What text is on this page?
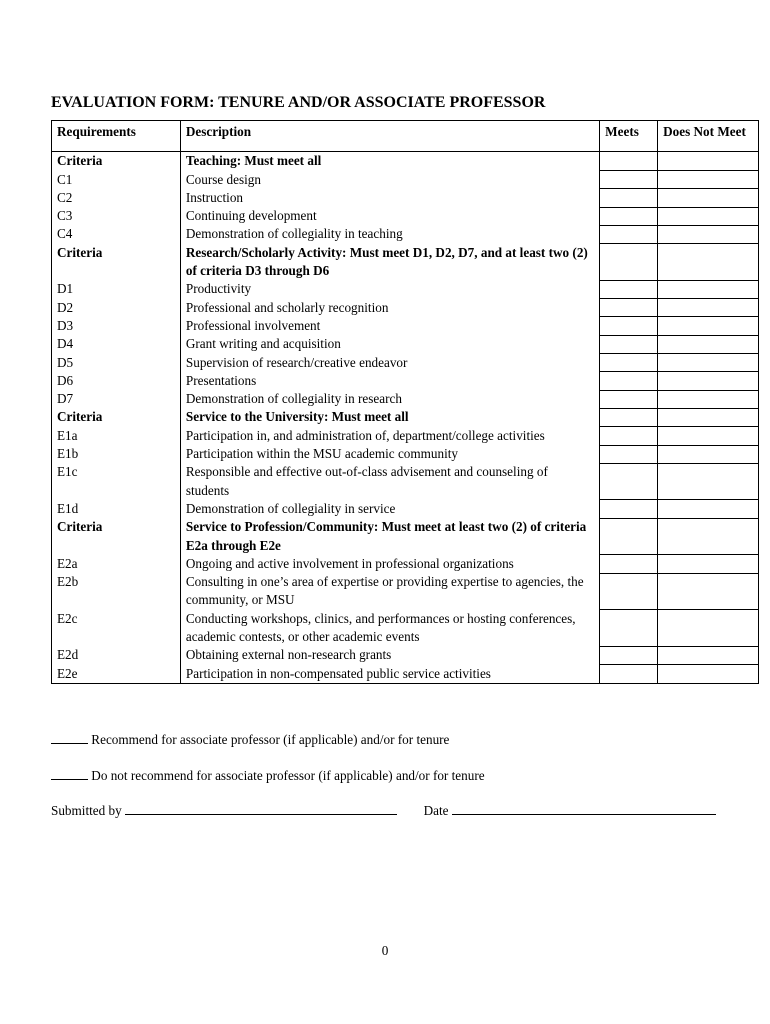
EVALUATION FORM: TENURE AND/OR ASSOCIATE PROFESSOR
Requirements	Description	Meets	Does Not Meet
Criteria	Teaching: Must meet all		
C1	Course design		
C2	Instruction		
C3	Continuing development		
C4	Demonstration of collegiality in teaching		
Criteria	Research/Scholarly Activity: Must meet D1, D2, D7, and at least two (2) of criteria D3 through D6		
D1	Productivity		
D2	Professional and scholarly recognition		
D3	Professional involvement		
D4	Grant writing and acquisition		
D5	Supervision of research/creative endeavor		
D6	Presentations		
D7	Demonstration of collegiality in research		
Criteria	Service to the University: Must meet all		
E1a	Participation in, and administration of, department/college activities		
E1b	Participation within the MSU academic community		
E1c	Responsible and effective out-of-class advisement and counseling of students		
E1d	Demonstration of collegiality in service		
Criteria	Service to Profession/Community: Must meet at least two (2) of criteria E2a through E2e		
E2a	Ongoing and active involvement in professional organizations		
E2b	Consulting in one’s area of expertise or providing expertise to agencies, the community, or MSU		
E2c	Conducting workshops, clinics, and performances or hosting conferences, academic contests, or other academic events		
E2d	Obtaining external non-research grants		
E2e	Participation in non-compensated public service activities		
Recommend for associate professor (if applicable) and/or for tenure
Do not recommend for associate professor (if applicable) and/or for tenure
Submitted by	Date
0
